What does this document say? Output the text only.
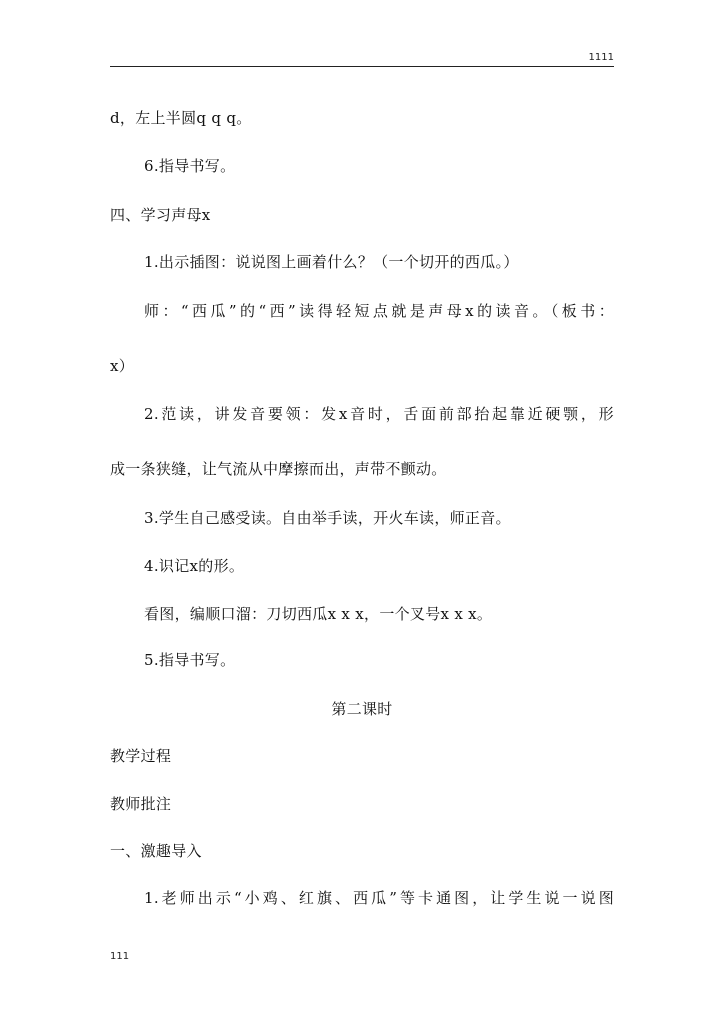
1111
d，左上半圆q q q。
6.指导书写。
四、学习声母x
1.出示插图：说说图上画着什么？（一个切开的西瓜。）
师：“西瓜”的“西”读得轻短点就是声母x的读音。（板书：
x）
2.范读，讲发音要领：发x音时，舌面前部抬起靠近硬颚，形
成一条狭缝，让气流从中摩擦而出，声带不颤动。
3.学生自己感受读。自由举手读，开火车读，师正音。
4.识记x的形。
看图，编顺口溜：刀切西瓜x x x，一个叉号x x x。
5.指导书写。
第二课时
教学过程
教师批注
一、激趣导入
1.老师出示“小鸡、红旗、西瓜”等卡通图，让学生说一说图
111
